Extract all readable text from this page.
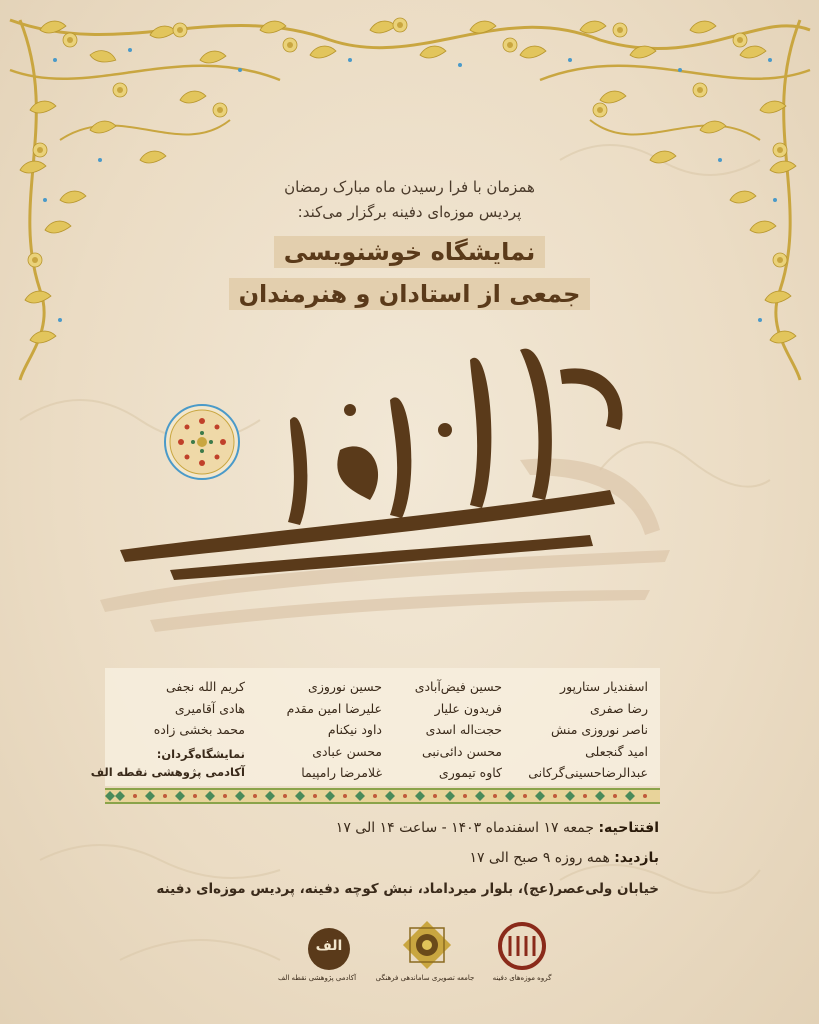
همزمان با فرا رسیدن ماه مبارک رمضان
پردیس موزه‌ای دفینه برگزار می‌کند:
نمایشگاه خوشنویسی
جمعی از استادان و هنرمندان
اسفندیار ستارپور
رضا صفری
ناصر نوروزی منش
امید گنجعلی
عبدالرضاحسینی‌گرکانی
حسین فیض‌آبادی
فریدون علیار
حجت‌اله اسدی
محسن دائی‌نبی
کاوه تیموری
حسین نوروزی
علیرضا امین مقدم
داود نیکنام
محسن عبادی
غلامرضا رامپیما
کریم الله نجفی
هادی آقامیری
محمد بخشی زاده
نمایشگاه‌گردان:
آکادمی پژوهشی نقطه الف
افتتاحیه: جمعه ۱۷ اسفندماه ۱۴۰۳ - ساعت ۱۴ الی ۱۷
بازدید: همه روزه ۹ صبح الی ۱۷
خیابان ولی‌عصر(عج)، بلوار میرداماد، نبش کوچه دفینه، پردیس موزه‌ای دفینه
گروه موزه‌های دفینه
جامعه تصویری ساماندهی فرهنگی
الف
آکادمی پژوهشی نقطه الف
